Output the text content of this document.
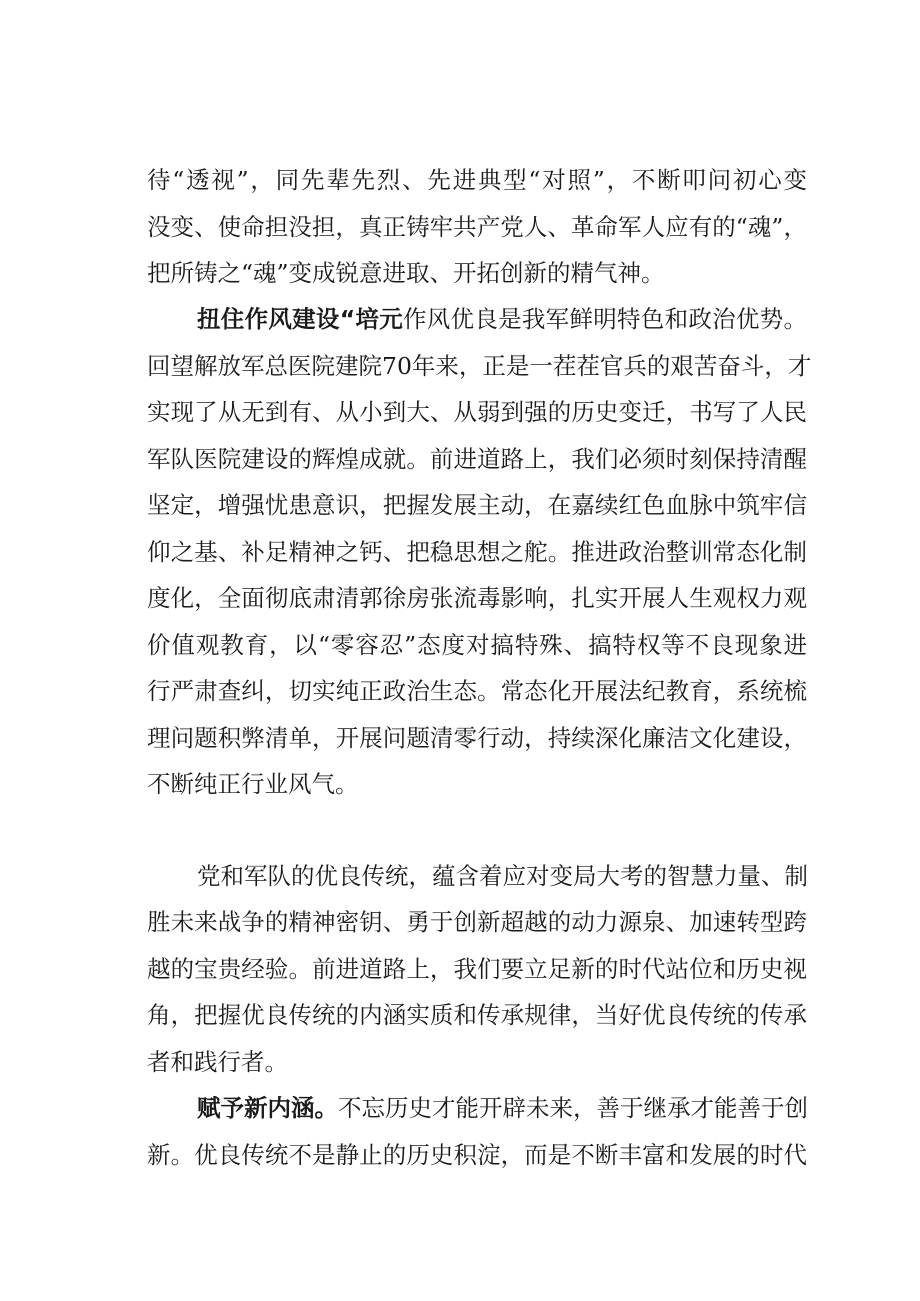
待“透视”，同先辈先烈、先进典型“对照”，不断叩问初心变
没变、使命担没担，真正铸牢共产党人、革命军人应有的“魂”，
把所铸之“魂”变成锐意进取、开拓创新的精气神。
扭住作风建设“培元作风优良是我军鲜明特色和政治优势。
回望解放军总医院建院70年来，正是一茬茬官兵的艰苦奋斗，才
实现了从无到有、从小到大、从弱到强的历史变迁，书写了人民
军队医院建设的辉煌成就。前进道路上，我们必须时刻保持清醒
坚定，增强忧患意识，把握发展主动，在嘉续红色血脉中筑牢信
仰之基、补足精神之钙、把稳思想之舵。推进政治整训常态化制
度化，全面彻底肃清郭徐房张流毒影响，扎实开展人生观权力观
价值观教育，以“零容忍”态度对搞特殊、搞特权等不良现象进
行严肃查纠，切实纯正政治生态。常态化开展法纪教育，系统梳
理问题积弊清单，开展问题清零行动，持续深化廉洁文化建设，
不断纯正行业风气。
党和军队的优良传统，蕴含着应对变局大考的智慧力量、制
胜未来战争的精神密钥、勇于创新超越的动力源泉、加速转型跨
越的宝贵经验。前进道路上，我们要立足新的时代站位和历史视
角，把握优良传统的内涵实质和传承规律，当好优良传统的传承
者和践行者。
赋予新内涵。不忘历史才能开辟未来，善于继承才能善于创
新。优良传统不是静止的历史积淀，而是不断丰富和发展的时代
